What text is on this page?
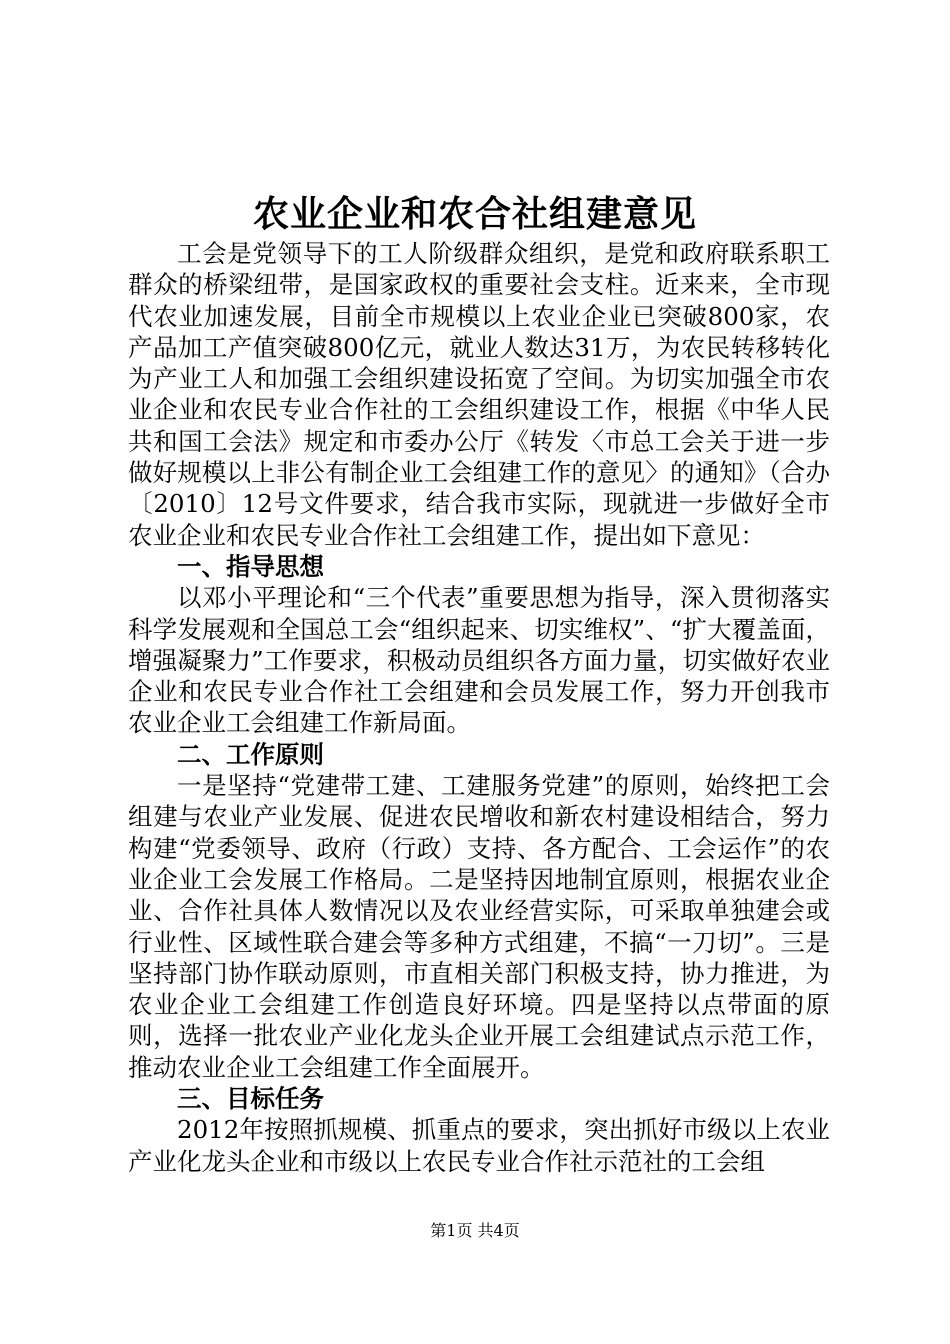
农业企业和农合社组建意见

工会是党领导下的工人阶级群众组织，是党和政府联系职工群众的桥梁纽带，是国家政权的重要社会支柱。近来来，全市现代农业加速发展，目前全市规模以上农业企业已突破800家，农产品加工产值突破800亿元，就业人数达31万，为农民转移转化为产业工人和加强工会组织建设拓宽了空间。为切实加强全市农业企业和农民专业合作社的工会组织建设工作，根据《中华人民共和国工会法》规定和市委办公厅《转发〈市总工会关于进一步做好规模以上非公有制企业工会组建工作的意见〉的通知》（合办〔2010〕12号文件要求，结合我市实际，现就进一步做好全市农业企业和农民专业合作社工会组建工作，提出如下意见：

一、指导思想

以邓小平理论和“三个代表”重要思想为指导，深入贯彻落实科学发展观和全国总工会“组织起来、切实维权”、“扩大覆盖面，增强凝聚力”工作要求，积极动员组织各方面力量，切实做好农业企业和农民专业合作社工会组建和会员发展工作，努力开创我市农业企业工会组建工作新局面。

二、工作原则

一是坚持“党建带工建、工建服务党建”的原则，始终把工会组建与农业产业发展、促进农民增收和新农村建设相结合，努力构建“党委领导、政府（行政）支持、各方配合、工会运作”的农业企业工会发展工作格局。二是坚持因地制宜原则，根据农业企业、合作社具体人数情况以及农业经营实际，可采取单独建会或行业性、区域性联合建会等多种方式组建，不搞“一刀切”。三是坚持部门协作联动原则，市直相关部门积极支持，协力推进，为农业企业工会组建工作创造良好环境。四是坚持以点带面的原则，选择一批农业产业化龙头企业开展工会组建试点示范工作，推动农业企业工会组建工作全面展开。

三、目标任务

2012年按照抓规模、抓重点的要求，突出抓好市级以上农业产业化龙头企业和市级以上农民专业合作社示范社的工会组

第1页 共4页
